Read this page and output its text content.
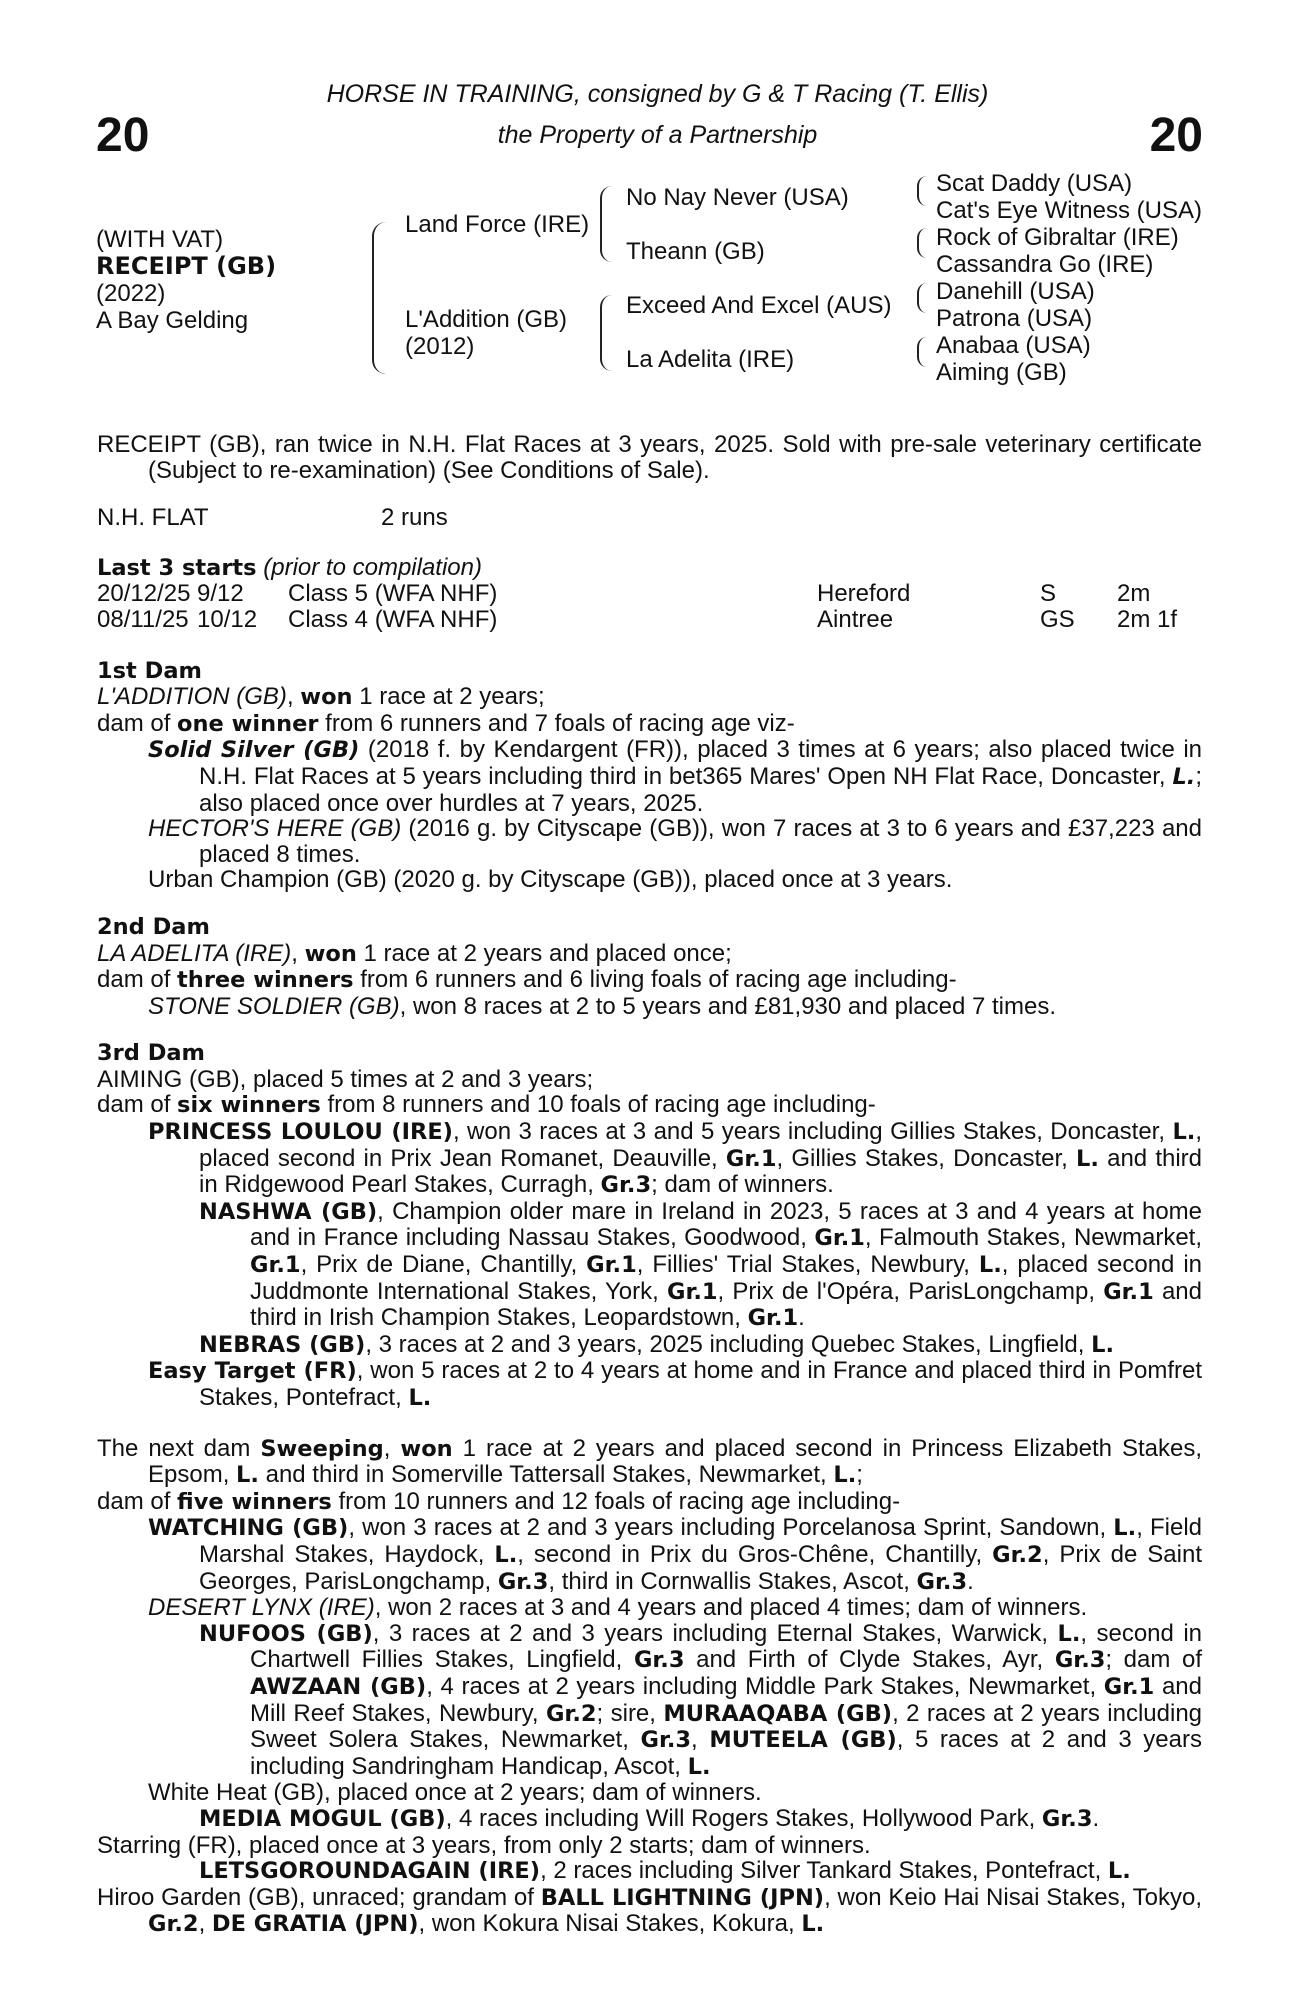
20	20
HORSE IN TRAINING, consigned by G & T Racing (T. Ellis)
the Property of a Partnership
(WITH VAT)
RECEIPT (GB)
(2022)
A Bay Gelding
Land Force (IRE)
L'Addition (GB)
(2012)
No Nay Never (USA)
Theann (GB)
Exceed And Excel (AUS)
La Adelita (IRE)
Scat Daddy (USA)
Cat's Eye Witness (USA)
Rock of Gibraltar (IRE)
Cassandra Go (IRE)
Danehill (USA)
Patrona (USA)
Anabaa (USA)
Aiming (GB)

RECEIPT (GB), ran twice in N.H. Flat Races at 3 years, 2025. Sold with pre-sale veterinary certificate (Subject to re-examination) (See Conditions of Sale).

N.H. FLAT	2 runs

Last 3 starts (prior to compilation)

20/12/25 9/12 Class 5 (WFA NHF)	Hereford	S	2m
08/11/25 10/12 Class 4 (WFA NHF)	Aintree	GS 2m 1f
1st Dam

L'ADDITION (GB), won 1 race at 2 years;

dam of one winner from 6 runners and 7 foals of racing age viz-

Solid Silver (GB) (2018 f. by Kendargent (FR)), placed 3 times at 6 years; also placed twice in N.H. Flat Races at 5 years including third in bet365 Mares' Open NH Flat Race, Doncaster, L.; also placed once over hurdles at 7 years, 2025.

HECTOR'S HERE (GB) (2016 g. by Cityscape (GB)), won 7 races at 3 to 6 years and £37,223 and placed 8 times.

Urban Champion (GB) (2020 g. by Cityscape (GB)), placed once at 3 years.

2nd Dam

LA ADELITA (IRE), won 1 race at 2 years and placed once;

dam of three winners from 6 runners and 6 living foals of racing age including-

STONE SOLDIER (GB), won 8 races at 2 to 5 years and £81,930 and placed 7 times.

3rd Dam

AIMING (GB), placed 5 times at 2 and 3 years;

dam of six winners from 8 runners and 10 foals of racing age including-

PRINCESS LOULOU (IRE), won 3 races at 3 and 5 years including Gillies Stakes, Doncaster, L., placed second in Prix Jean Romanet, Deauville, Gr.1, Gillies Stakes, Doncaster, L. and third in Ridgewood Pearl Stakes, Curragh, Gr.3; dam of winners.

NASHWA (GB), Champion older mare in Ireland in 2023, 5 races at 3 and 4 years at home and in France including Nassau Stakes, Goodwood, Gr.1, Falmouth Stakes, Newmarket, Gr.1, Prix de Diane, Chantilly, Gr.1, Fillies' Trial Stakes, Newbury, L., placed second in Juddmonte International Stakes, York, Gr.1, Prix de l'Opéra, ParisLongchamp, Gr.1 and third in Irish Champion Stakes, Leopardstown, Gr.1.

NEBRAS (GB), 3 races at 2 and 3 years, 2025 including Quebec Stakes, Lingfield, L.

Easy Target (FR), won 5 races at 2 to 4 years at home and in France and placed third in Pomfret Stakes, Pontefract, L.

The next dam Sweeping, won 1 race at 2 years and placed second in Princess Elizabeth Stakes, Epsom, L. and third in Somerville Tattersall Stakes, Newmarket, L.;

dam of five winners from 10 runners and 12 foals of racing age including-

WATCHING (GB), won 3 races at 2 and 3 years including Porcelanosa Sprint, Sandown, L., Field Marshal Stakes, Haydock, L., second in Prix du Gros-Chêne, Chantilly, Gr.2, Prix de Saint Georges, ParisLongchamp, Gr.3, third in Cornwallis Stakes, Ascot, Gr.3.

DESERT LYNX (IRE), won 2 races at 3 and 4 years and placed 4 times; dam of winners.

NUFOOS (GB), 3 races at 2 and 3 years including Eternal Stakes, Warwick, L., second in Chartwell Fillies Stakes, Lingfield, Gr.3 and Firth of Clyde Stakes, Ayr, Gr.3; dam of AWZAAN (GB), 4 races at 2 years including Middle Park Stakes, Newmarket, Gr.1 and Mill Reef Stakes, Newbury, Gr.2; sire, MURAAQABA (GB), 2 races at 2 years including Sweet Solera Stakes, Newmarket, Gr.3, MUTEELA (GB), 5 races at 2 and 3 years including Sandringham Handicap, Ascot, L.

White Heat (GB), placed once at 2 years; dam of winners.

MEDIA MOGUL (GB), 4 races including Will Rogers Stakes, Hollywood Park, Gr.3.

Starring (FR), placed once at 3 years, from only 2 starts; dam of winners.

LETSGOROUNDAGAIN (IRE), 2 races including Silver Tankard Stakes, Pontefract, L.

Hiroo Garden (GB), unraced; grandam of BALL LIGHTNING (JPN), won Keio Hai Nisai Stakes, Tokyo, Gr.2, DE GRATIA (JPN), won Kokura Nisai Stakes, Kokura, L.
